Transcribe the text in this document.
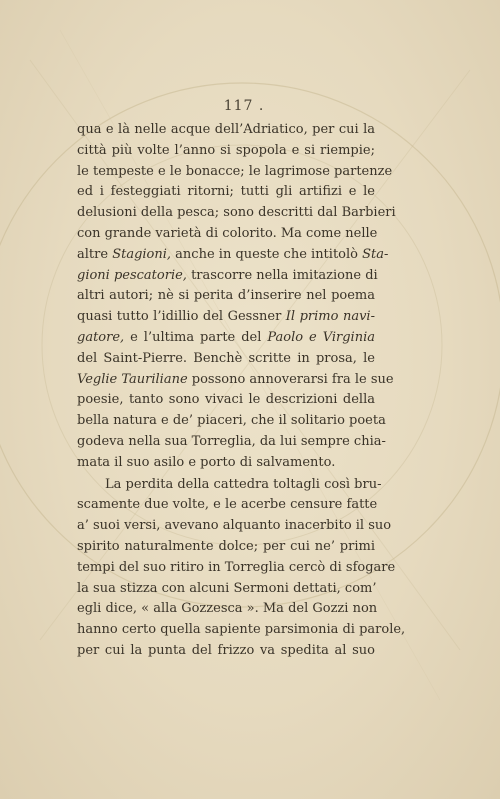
117 .
qua e là nelle acque dell’Adriatico, per cui la
città più volte l’anno si spopola e si riempie;
le tempeste e le bonacce; le lagrimose partenze
ed i festeggiati ritorni; tutti gli artifizi e le
delusioni della pesca; sono descritti dal Barbieri
con grande varietà di colorito. Ma come nelle
altre Stagioni, anche in queste che intitolò Sta-
gioni pescatorie, trascorre nella imitazione di
altri autori; nè si perita d’inserire nel poema
quasi tutto l’idillio del Gessner Il primo navi-
gatore, e l’ultima parte del Paolo e Virginia
del Saint-Pierre. Benchè scritte in prosa, le
Veglie Tauriliane possono annoverarsi fra le sue
poesie, tanto sono vivaci le descrizioni della
bella natura e de’ piaceri, che il solitario poeta
godeva nella sua Torreglia, da lui sempre chia-
mata il suo asilo e porto di salvamento.
La perdita della cattedra toltagli così bru-
scamente due volte, e le acerbe censure fatte
a’ suoi versi, avevano alquanto inacerbito il suo
spirito naturalmente dolce; per cui ne’ primi
tempi del suo ritiro in Torreglia cercò di sfogare
la sua stizza con alcuni Sermoni dettati, com’
egli dice, « alla Gozzesca ». Ma del Gozzi non
hanno certo quella sapiente parsimonia di parole,
per cui la punta del frizzo va spedita al suo
